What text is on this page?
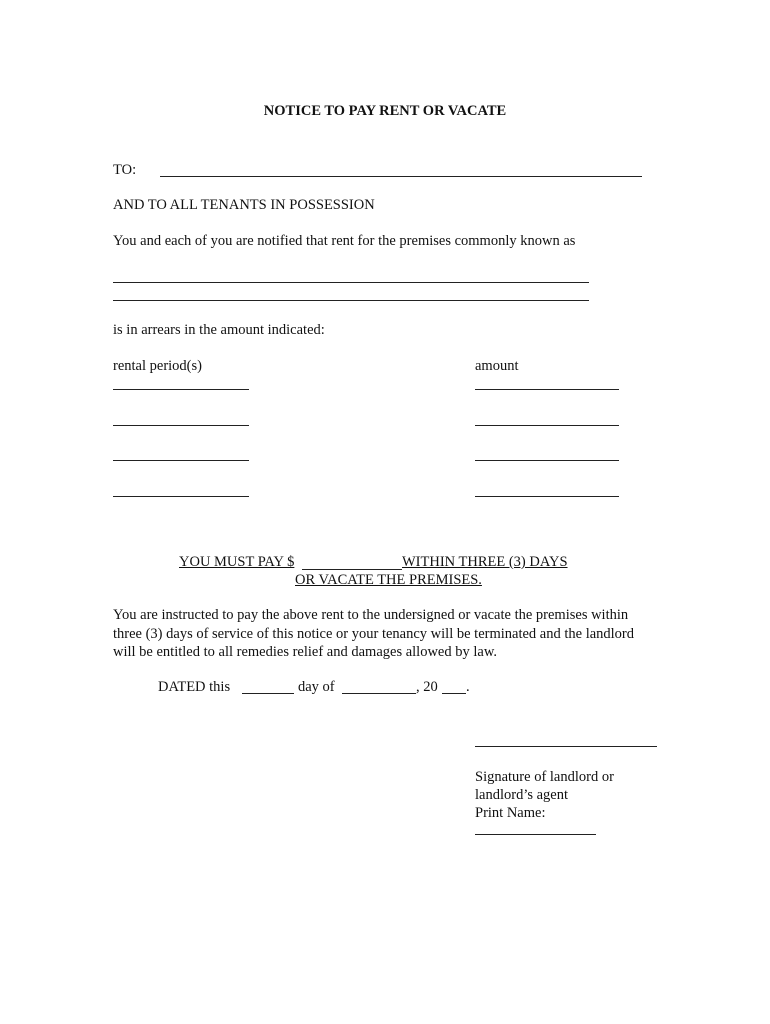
NOTICE TO PAY RENT OR VACATE
TO:
AND TO ALL TENANTS IN POSSESSION
You and each of you are notified that rent for the premises commonly known as
is in arrears in the amount indicated:
rental period(s)	amount
YOU MUST PAY $	WITHIN THREE (3) DAYS
OR VACATE THE PREMISES.
You are instructed to pay the above rent to the undersigned or vacate the premises within three (3) days of service of this notice or your tenancy will be terminated and the landlord will be entitled to all remedies relief and damages allowed by law.
DATED this	day of	, 20 .
Signature of landlord or
landlord’s agent
Print Name:
